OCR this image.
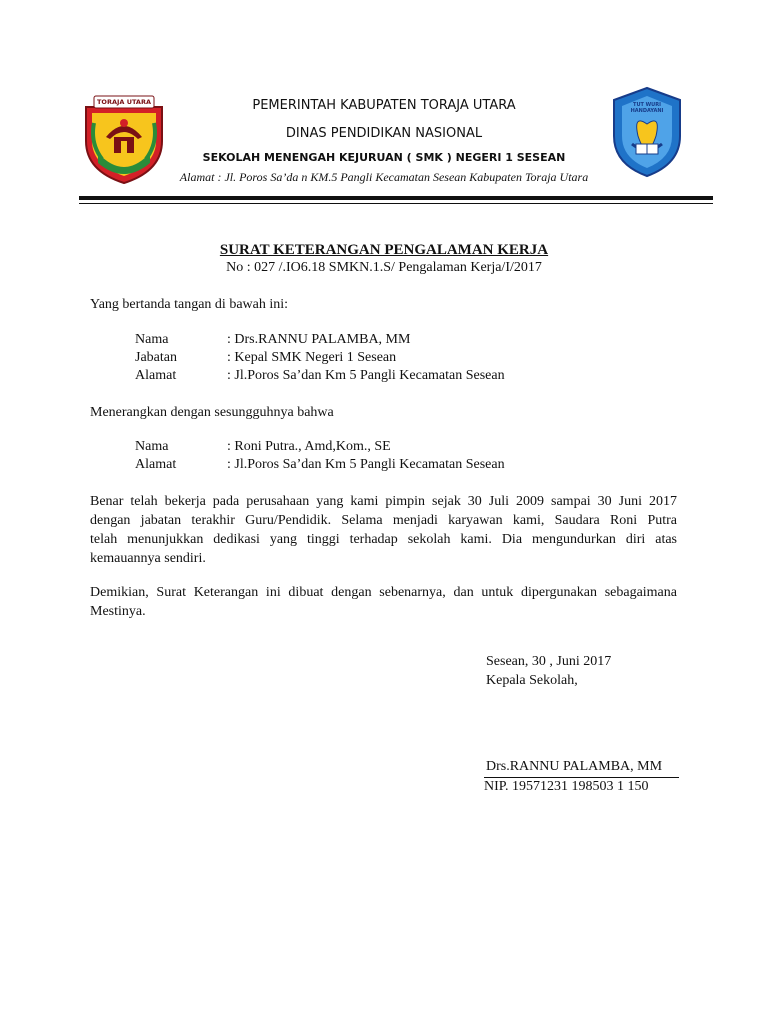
TORAJA UTARA	TUT WURI HANDAYANI
PEMERINTAH KABUPATEN TORAJA UTARA
DINAS PENDIDIKAN NASIONAL
SEKOLAH MENENGAH KEJURUAN ( SMK ) NEGERI 1 SESEAN
Alamat : Jl. Poros Sa’da n KM.5 Pangli Kecamatan Sesean Kabupaten Toraja Utara
SURAT KETERANGAN PENGALAMAN KERJA
No : 027 /.IO6.18 SMKN.1.S/ Pengalaman Kerja/I/2017
Yang bertanda tangan di bawah ini:
Nama	: Drs.RANNU PALAMBA, MM
Jabatan	: Kepal SMK Negeri 1 Sesean
Alamat	: Jl.Poros Sa’dan Km 5 Pangli Kecamatan Sesean
Menerangkan dengan sesungguhnya bahwa
Nama	: Roni Putra., Amd,Kom., SE
Alamat	: Jl.Poros Sa’dan Km 5 Pangli Kecamatan Sesean
Benar telah bekerja pada perusahaan yang kami pimpin sejak 30 Juli 2009 sampai 30 Juni 2017
dengan jabatan terakhir Guru/Pendidik. Selama menjadi karyawan kami, Saudara Roni Putra
telah menunjukkan dedikasi yang tinggi terhadap sekolah kami. Dia mengundurkan diri atas
kemauannya sendiri.
Demikian, Surat Keterangan ini dibuat dengan sebenarnya, dan untuk dipergunakan sebagaimana
Mestinya.
Sesean, 30 , Juni 2017
Kepala Sekolah,
Drs.RANNU PALAMBA, MM
NIP. 19571231 198503 1 150
